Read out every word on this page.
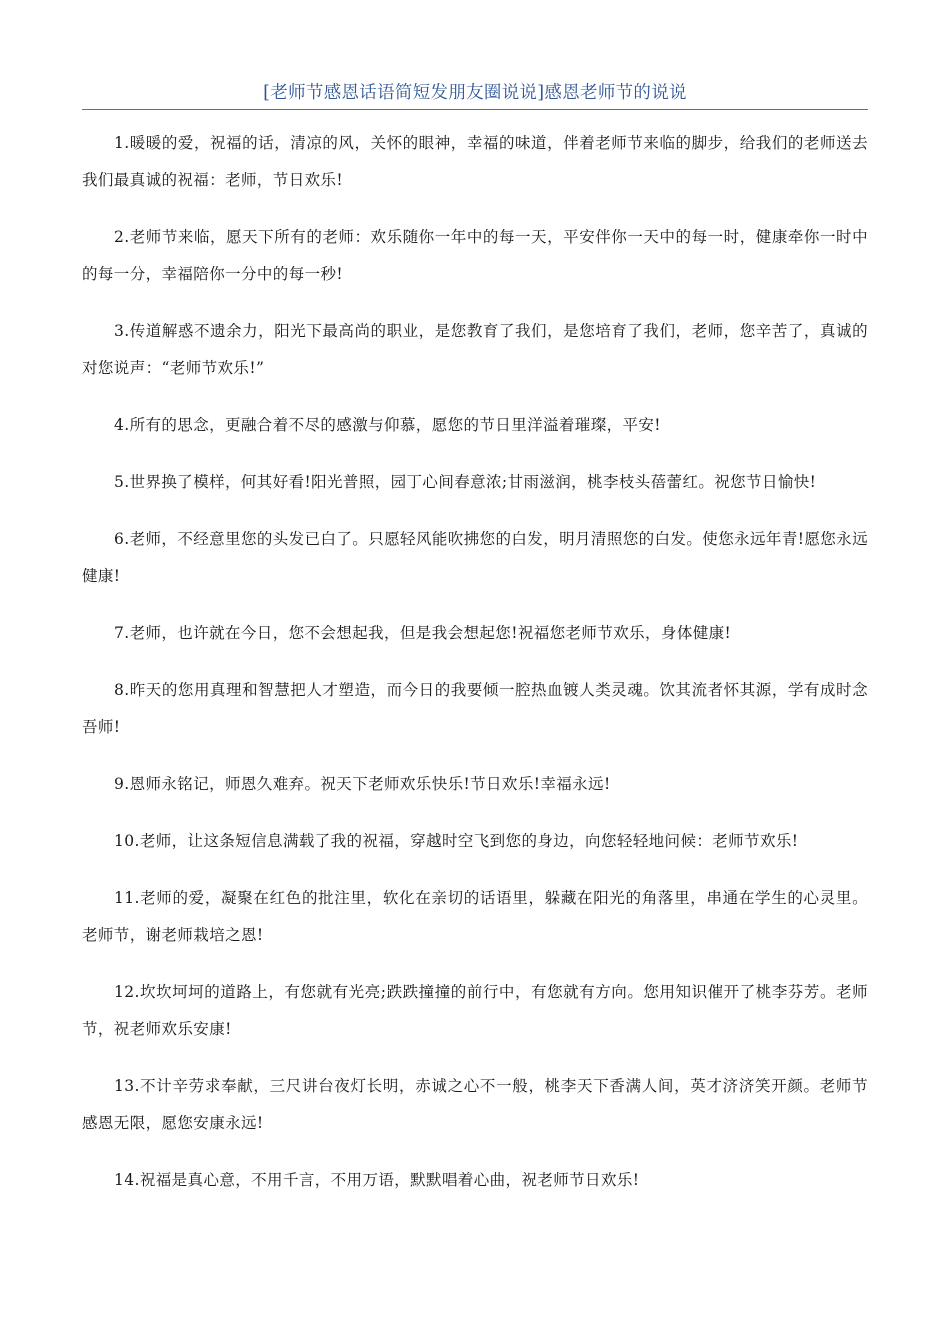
[老师节感恩话语简短发朋友圈说说]感恩老师节的说说

1.暖暖的爱，祝福的话，清凉的风，关怀的眼神，幸福的味道，伴着老师节来临的脚步，给我们的老师送去我们最真诚的祝福：老师，节日欢乐!

2.老师节来临，愿天下所有的老师：欢乐随你一年中的每一天，平安伴你一天中的每一时，健康牵你一时中的每一分，幸福陪你一分中的每一秒!

3.传道解惑不遗余力，阳光下最高尚的职业，是您教育了我们，是您培育了我们，老师，您辛苦了，真诚的对您说声：“老师节欢乐!”

4.所有的思念，更融合着不尽的感激与仰慕，愿您的节日里洋溢着璀璨，平安!

5.世界换了模样，何其好看!阳光普照，园丁心间春意浓;甘雨滋润，桃李枝头蓓蕾红。祝您节日愉快!

6.老师，不经意里您的头发已白了。只愿轻风能吹拂您的白发，明月清照您的白发。使您永远年青!愿您永远健康!

7.老师，也许就在今日，您不会想起我，但是我会想起您!祝福您老师节欢乐，身体健康!

8.昨天的您用真理和智慧把人才塑造，而今日的我要倾一腔热血镀人类灵魂。饮其流者怀其源，学有成时念吾师!

9.恩师永铭记，师恩久难弃。祝天下老师欢乐快乐!节日欢乐!幸福永远!

10.老师，让这条短信息满载了我的祝福，穿越时空飞到您的身边，向您轻轻地问候：老师节欢乐!

11.老师的爱，凝聚在红色的批注里，软化在亲切的话语里，躲藏在阳光的角落里，串通在学生的心灵里。老师节，谢老师栽培之恩!

12.坎坎坷坷的道路上，有您就有光亮;跌跌撞撞的前行中，有您就有方向。您用知识催开了桃李芬芳。老师节，祝老师欢乐安康!

13.不计辛劳求奉献，三尺讲台夜灯长明，赤诚之心不一般，桃李天下香满人间，英才济济笑开颜。老师节感恩无限，愿您安康永远!

14.祝福是真心意，不用千言，不用万语，默默唱着心曲，祝老师节日欢乐!
